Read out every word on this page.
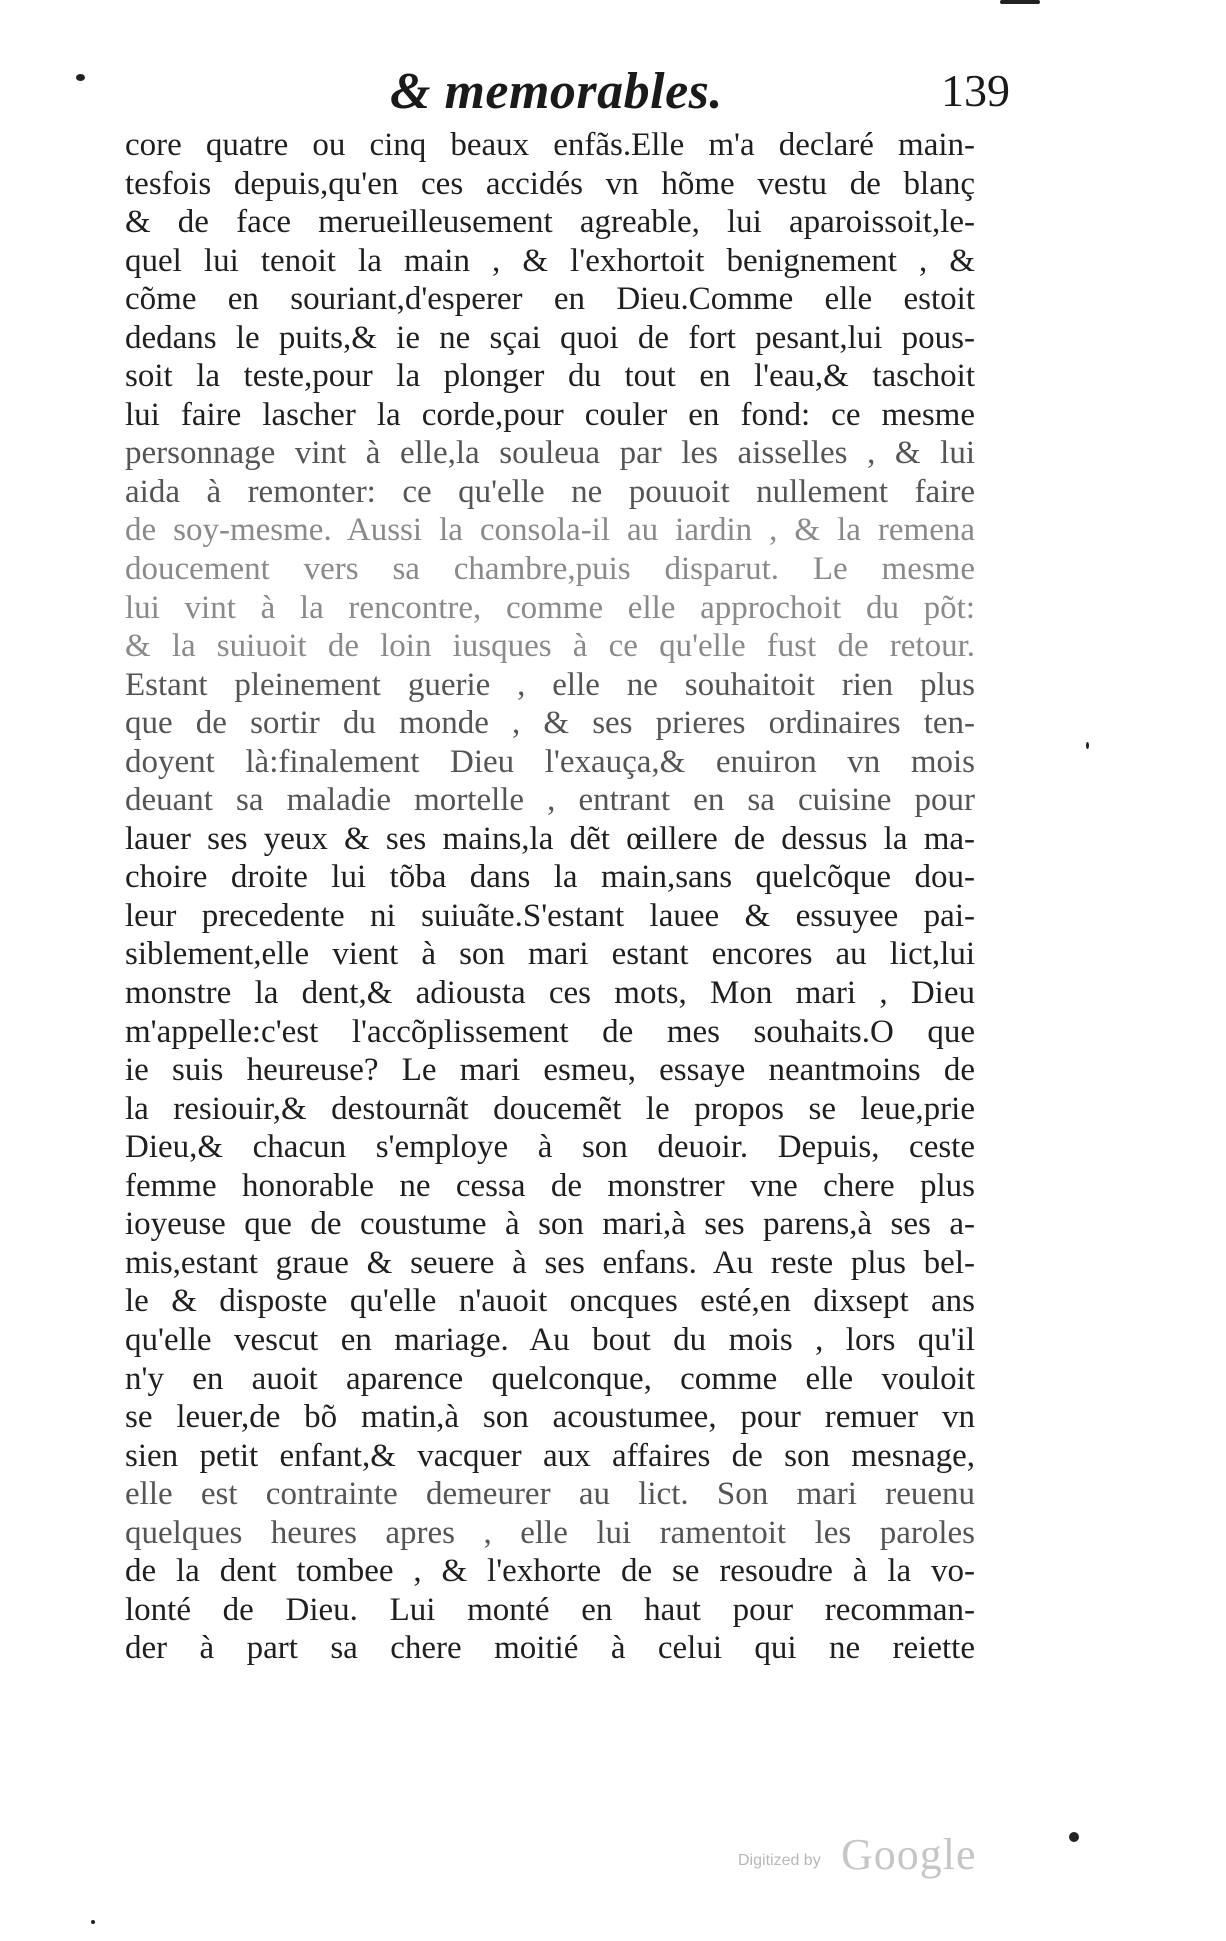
& memorables.	139
core quatre ou cinq beaux enfãs.Elle m'a declaré main-
tesfois depuis,qu'en ces accidés vn hõme vestu de blanç
& de face merueilleusement agreable, lui aparoissoit,le-
quel lui tenoit la main , & l'exhortoit benignement , &
cõme en souriant,d'esperer en Dieu.Comme elle estoit
dedans le puits,& ie ne sçai quoi de fort pesant,lui pous-
soit la teste,pour la plonger du tout en l'eau,& taschoit
lui faire lascher la corde,pour couler en fond: ce mesme
personnage vint à elle,la souleua par les aisselles , & lui
aida à remonter: ce qu'elle ne pouuoit nullement faire
de soy-mesme. Aussi la consola-il au iardin , & la remena
doucement vers sa chambre,puis disparut. Le mesme
lui vint à la rencontre, comme elle approchoit du põt:
& la suiuoit de loin iusques à ce qu'elle fust de retour.
Estant pleinement guerie , elle ne souhaitoit rien plus
que de sortir du monde , & ses prieres ordinaires ten-
doyent là:finalement Dieu l'exauça,& enuiron vn mois
deuant sa maladie mortelle , entrant en sa cuisine pour
lauer ses yeux & ses mains,la dẽt œillere de dessus la ma-
choire droite lui tõba dans la main,sans quelcõque dou-
leur precedente ni suiuãte.S'estant lauee & essuyee pai-
siblement,elle vient à son mari estant encores au lict,lui
monstre la dent,& adiousta ces mots, Mon mari , Dieu
m'appelle:c'est l'accõplissement de mes souhaits.O que
ie suis heureuse? Le mari esmeu, essaye neantmoins de
la resiouir,& destournãt doucemẽt le propos se leue,prie
Dieu,& chacun s'employe à son deuoir. Depuis, ceste
femme honorable ne cessa de monstrer vne chere plus
ioyeuse que de coustume à son mari,à ses parens,à ses a-
mis,estant graue & seuere à ses enfans. Au reste plus bel-
le & disposte qu'elle n'auoit oncques esté,en dixsept ans
qu'elle vescut en mariage. Au bout du mois , lors qu'il
n'y en auoit aparence quelconque, comme elle vouloit
se leuer,de bõ matin,à son acoustumee, pour remuer vn
sien petit enfant,& vacquer aux affaires de son mesnage,
elle est contrainte demeurer au lict. Son mari reuenu
quelques heures apres , elle lui ramentoit les paroles
de la dent tombee , & l'exhorte de se resoudre à la vo-
lonté de Dieu. Lui monté en haut pour recomman-
der à part sa chere moitié à celui qui ne reiette
Digitized by Google
